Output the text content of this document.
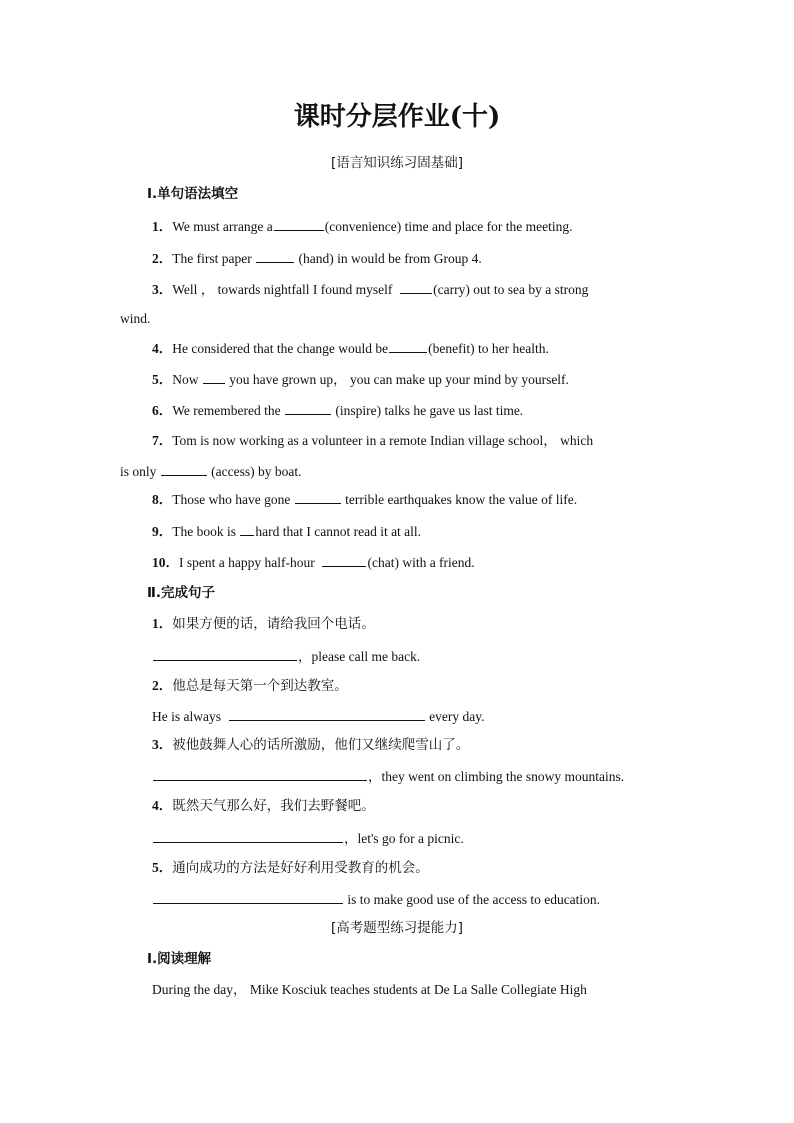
课时分层作业(十)
[语言知识练习固基础]
Ⅰ.单句语法填空
1．We must arrange a	(convenience) time and place for the meeting.
2．The first paper	(hand) in would be from Group 4.
3．Well ， towards nightfall I found myself	(carry) out to sea by a strong
wind.
4．He considered that the change would be	(benefit) to her health.
5．Now you have grown up， you can make up your mind by yourself.
6．We remembered the	(inspire) talks he gave us last time.
7．Tom is now working as a volunteer in a remote Indian village school， which
is only	(access) by boat.
8．Those who have gone	terrible earthquakes know the value of life.
9．The book is hard that I cannot read it at all.
10．I spent a happy half-hour	(chat) with a friend.
Ⅱ.完成句子
1．如果方便的话，请给我回个电话。
，please call me back.
2．他总是每天第一个到达教室。
He is always	every day.
3．被他鼓舞人心的话所激励，他们又继续爬雪山了。
，they went on climbing the snowy mountains.
4．既然天气那么好，我们去野餐吧。
，let's go for a picnic.
5．通向成功的方法是好好利用受教育的机会。
is to make good use of the access to education.
[高考题型练习提能力]
Ⅰ.阅读理解
During the day， Mike Kosciuk teaches students at De La Salle Collegiate High
